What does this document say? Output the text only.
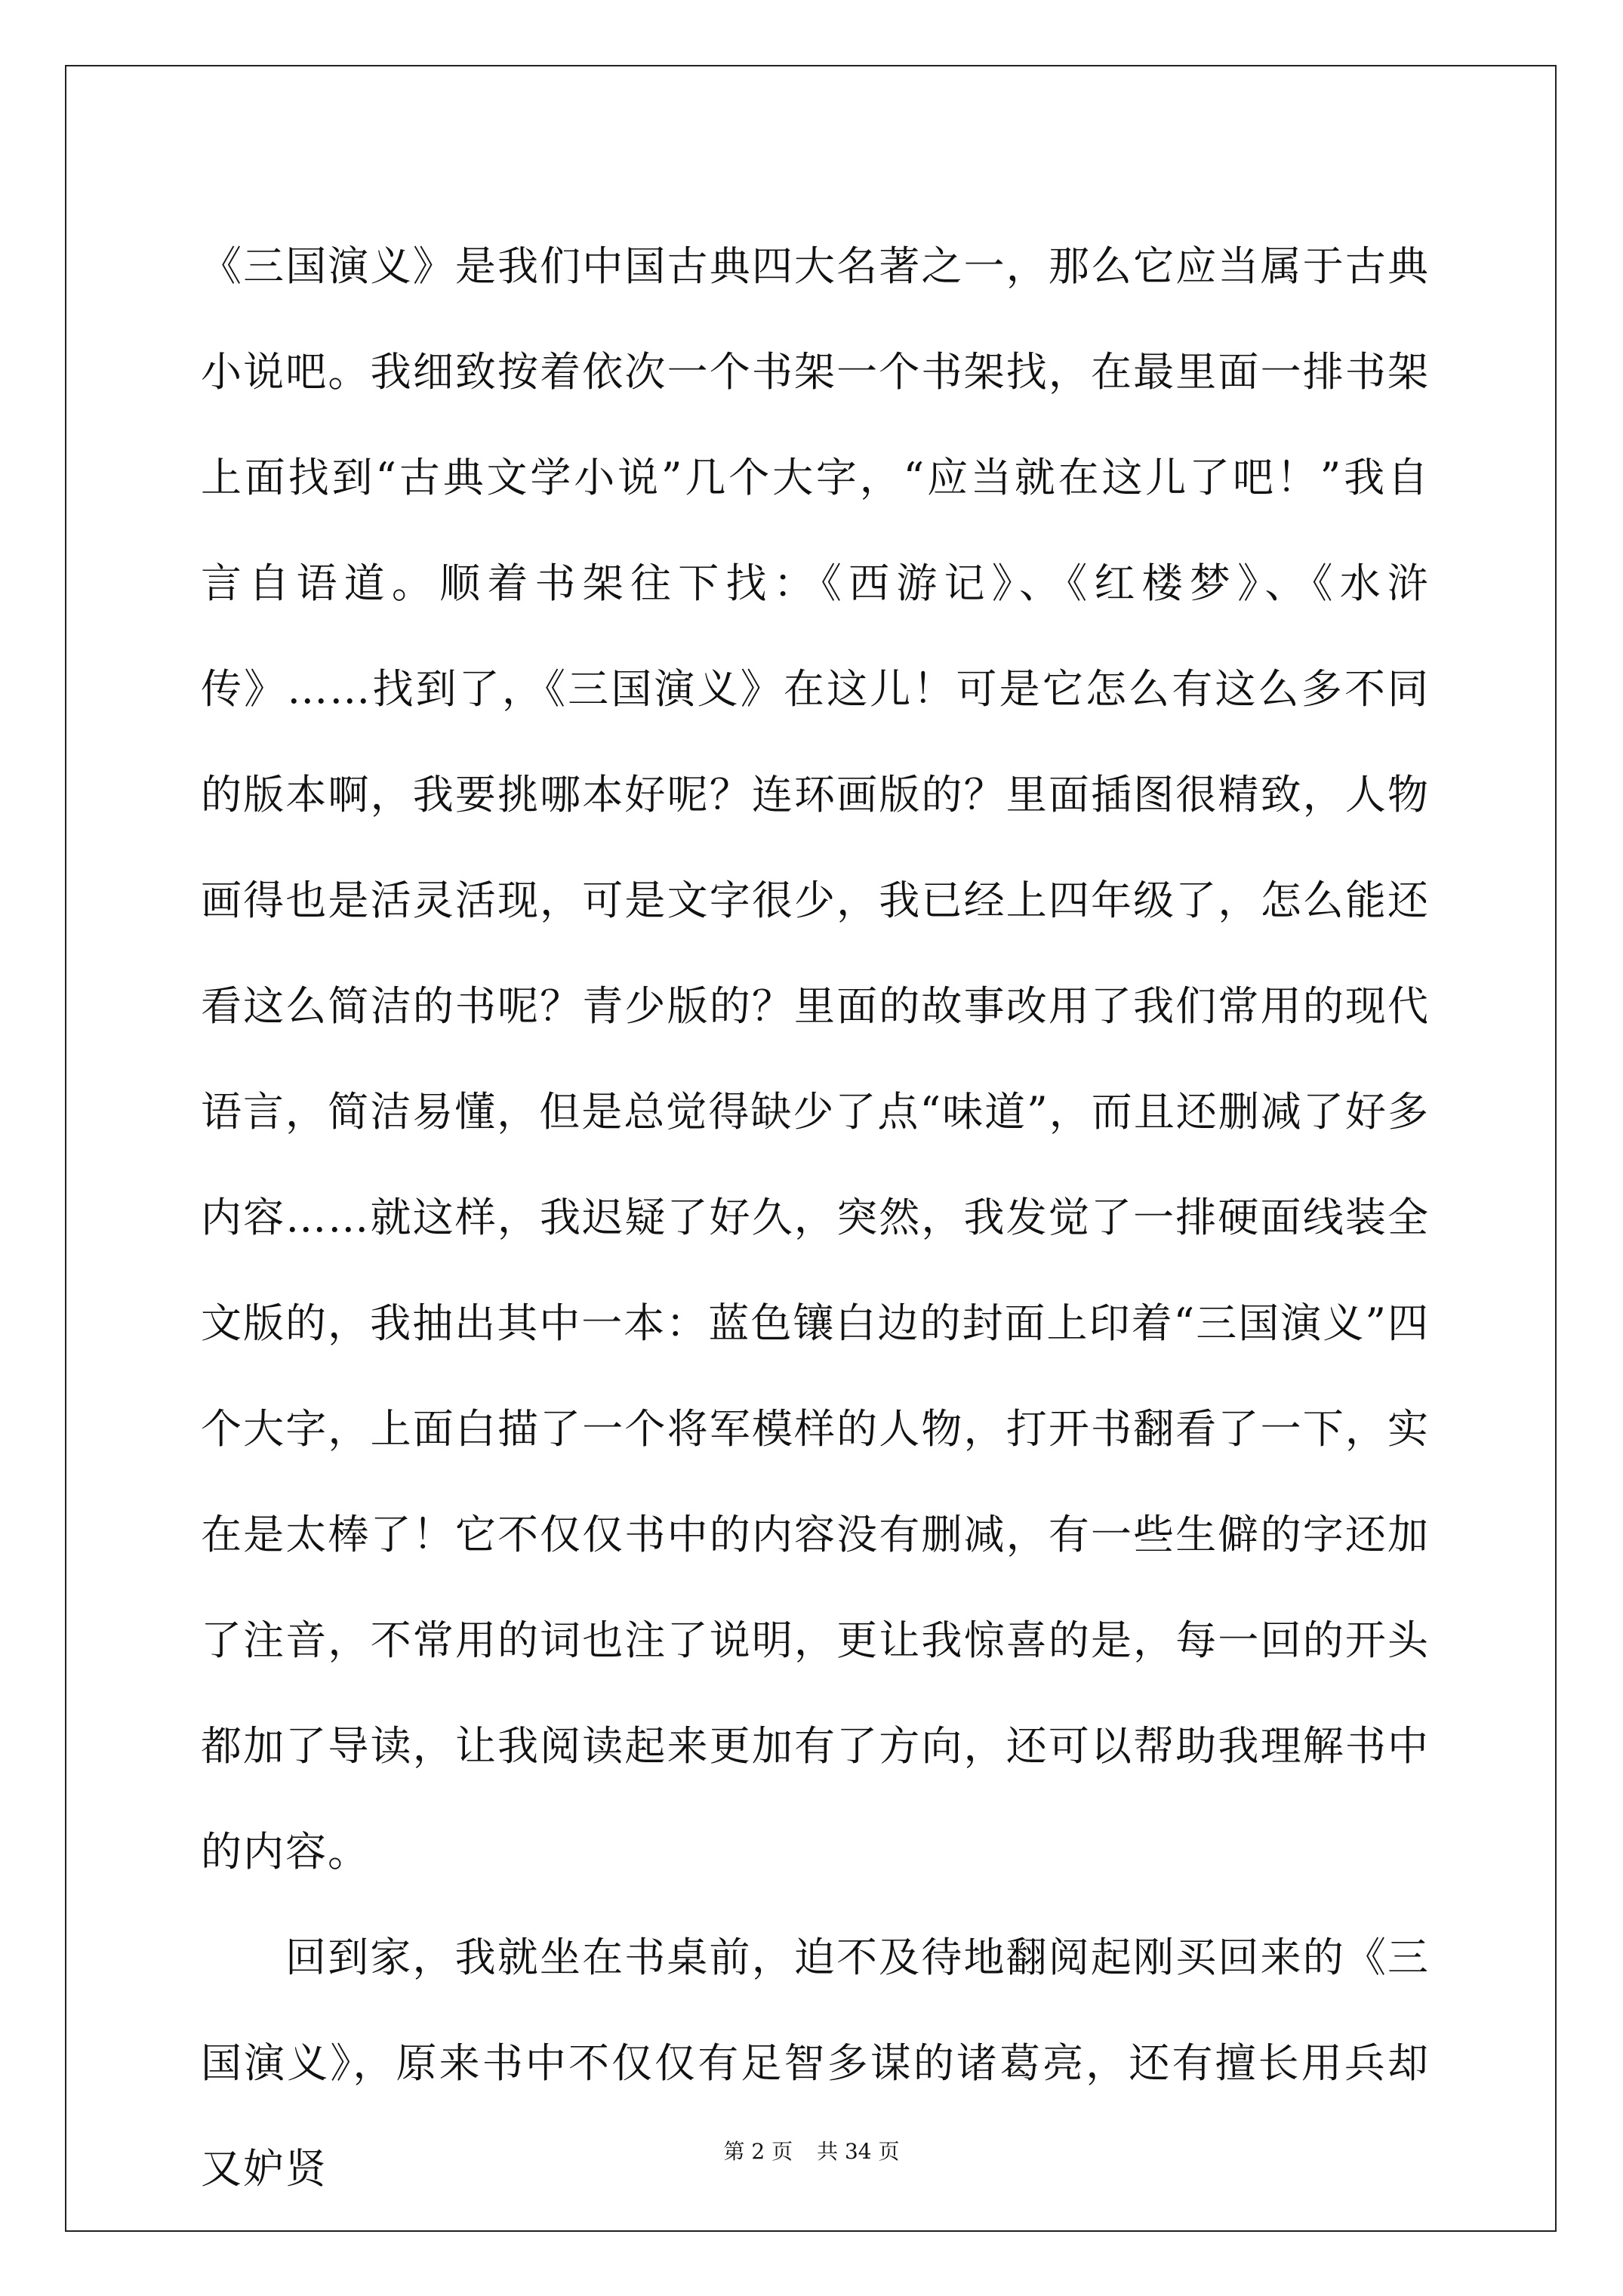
《三国演义》是我们中国古典四大名著之一，那么它应当属于古典小说吧。我细致按着依次一个书架一个书架找，在最里面一排书架上面找到“古典文学小说”几个大字，“应当就在这儿了吧！”我自言自语道。顺着书架往下找：《西游记》、《红楼梦》、《水浒传》……找到了，《三国演义》在这儿！可是它怎么有这么多不同的版本啊，我要挑哪本好呢？连环画版的？里面插图很精致，人物画得也是活灵活现，可是文字很少，我已经上四年级了，怎么能还看这么简洁的书呢？青少版的？里面的故事改用了我们常用的现代语言，简洁易懂，但是总觉得缺少了点“味道”，而且还删减了好多内容……就这样，我迟疑了好久，突然，我发觉了一排硬面线装全文版的，我抽出其中一本：蓝色镶白边的封面上印着“三国演义”四个大字，上面白描了一个将军模样的人物，打开书翻看了一下，实在是太棒了！它不仅仅书中的内容没有删减，有一些生僻的字还加了注音，不常用的词也注了说明，更让我惊喜的是，每一回的开头都加了导读，让我阅读起来更加有了方向，还可以帮助我理解书中的内容。

回到家，我就坐在书桌前，迫不及待地翻阅起刚买回来的《三国演义》，原来书中不仅仅有足智多谋的诸葛亮，还有擅长用兵却又妒贤	第 2 页 共 34 页
